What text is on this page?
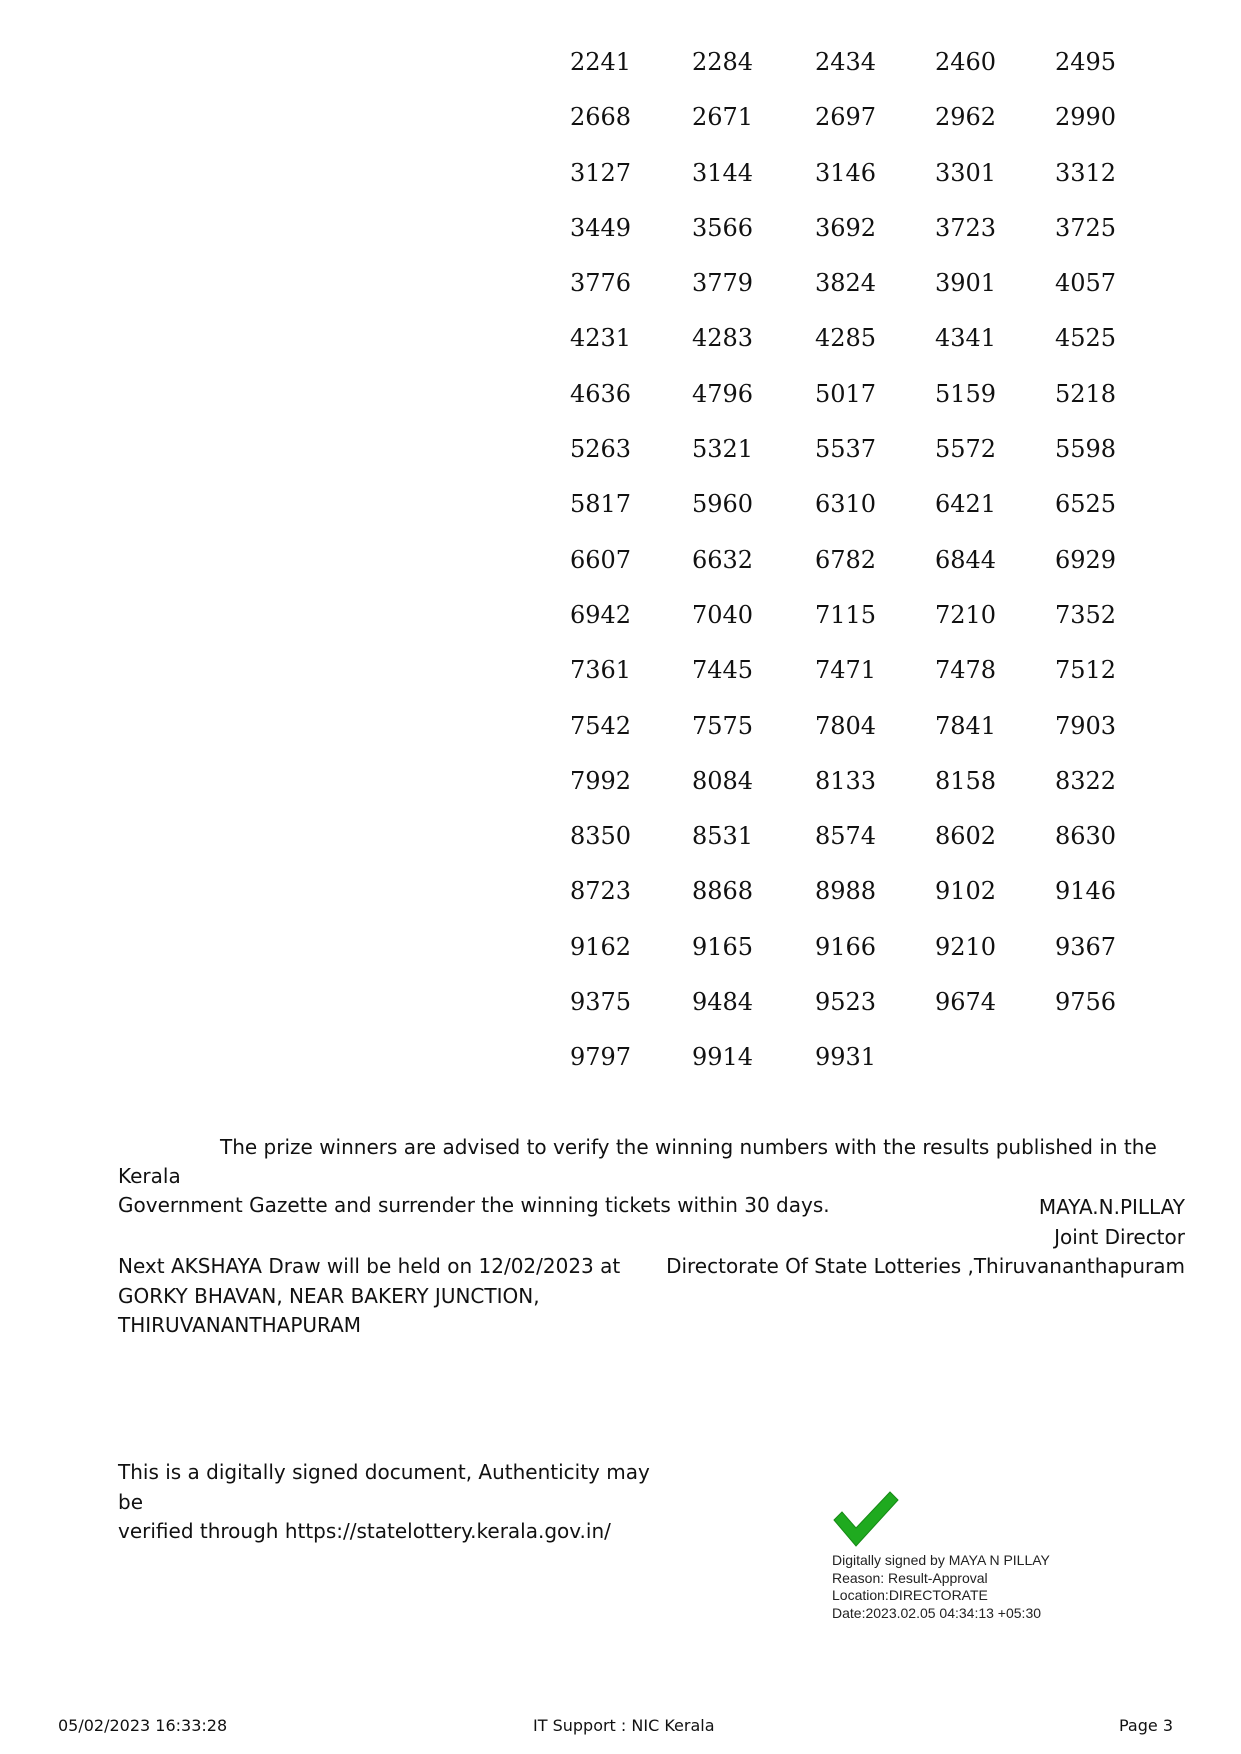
2241	2284	2434	2460	2495
2668	2671	2697	2962	2990
3127	3144	3146	3301	3312
3449	3566	3692	3723	3725
3776	3779	3824	3901	4057
4231	4283	4285	4341	4525
4636	4796	5017	5159	5218
5263	5321	5537	5572	5598
5817	5960	6310	6421	6525
6607	6632	6782	6844	6929
6942	7040	7115	7210	7352
7361	7445	7471	7478	7512
7542	7575	7804	7841	7903
7992	8084	8133	8158	8322
8350	8531	8574	8602	8630
8723	8868	8988	9102	9146
9162	9165	9166	9210	9367
9375	9484	9523	9674	9756
9797	9914	9931
The prize winners are advised to verify the winning numbers with the results published in the Kerala
Government Gazette and surrender the winning tickets within 30 days.	MAYA.N.PILLAY
Joint Director
Directorate Of State Lotteries ,Thiruvananthapuram
Next AKSHAYA Draw will be held on 12/02/2023 at
GORKY BHAVAN, NEAR BAKERY JUNCTION,
THIRUVANANTHAPURAM
This is a digitally signed document, Authenticity may be
verified through https://statelottery.kerala.gov.in/
Digitally signed by MAYA N PILLAY
Reason: Result-Approval
Location:DIRECTORATE
Date:2023.02.05 04:34:13 +05:30
05/02/2023 16:33:28	IT Support : NIC Kerala	Page 3
